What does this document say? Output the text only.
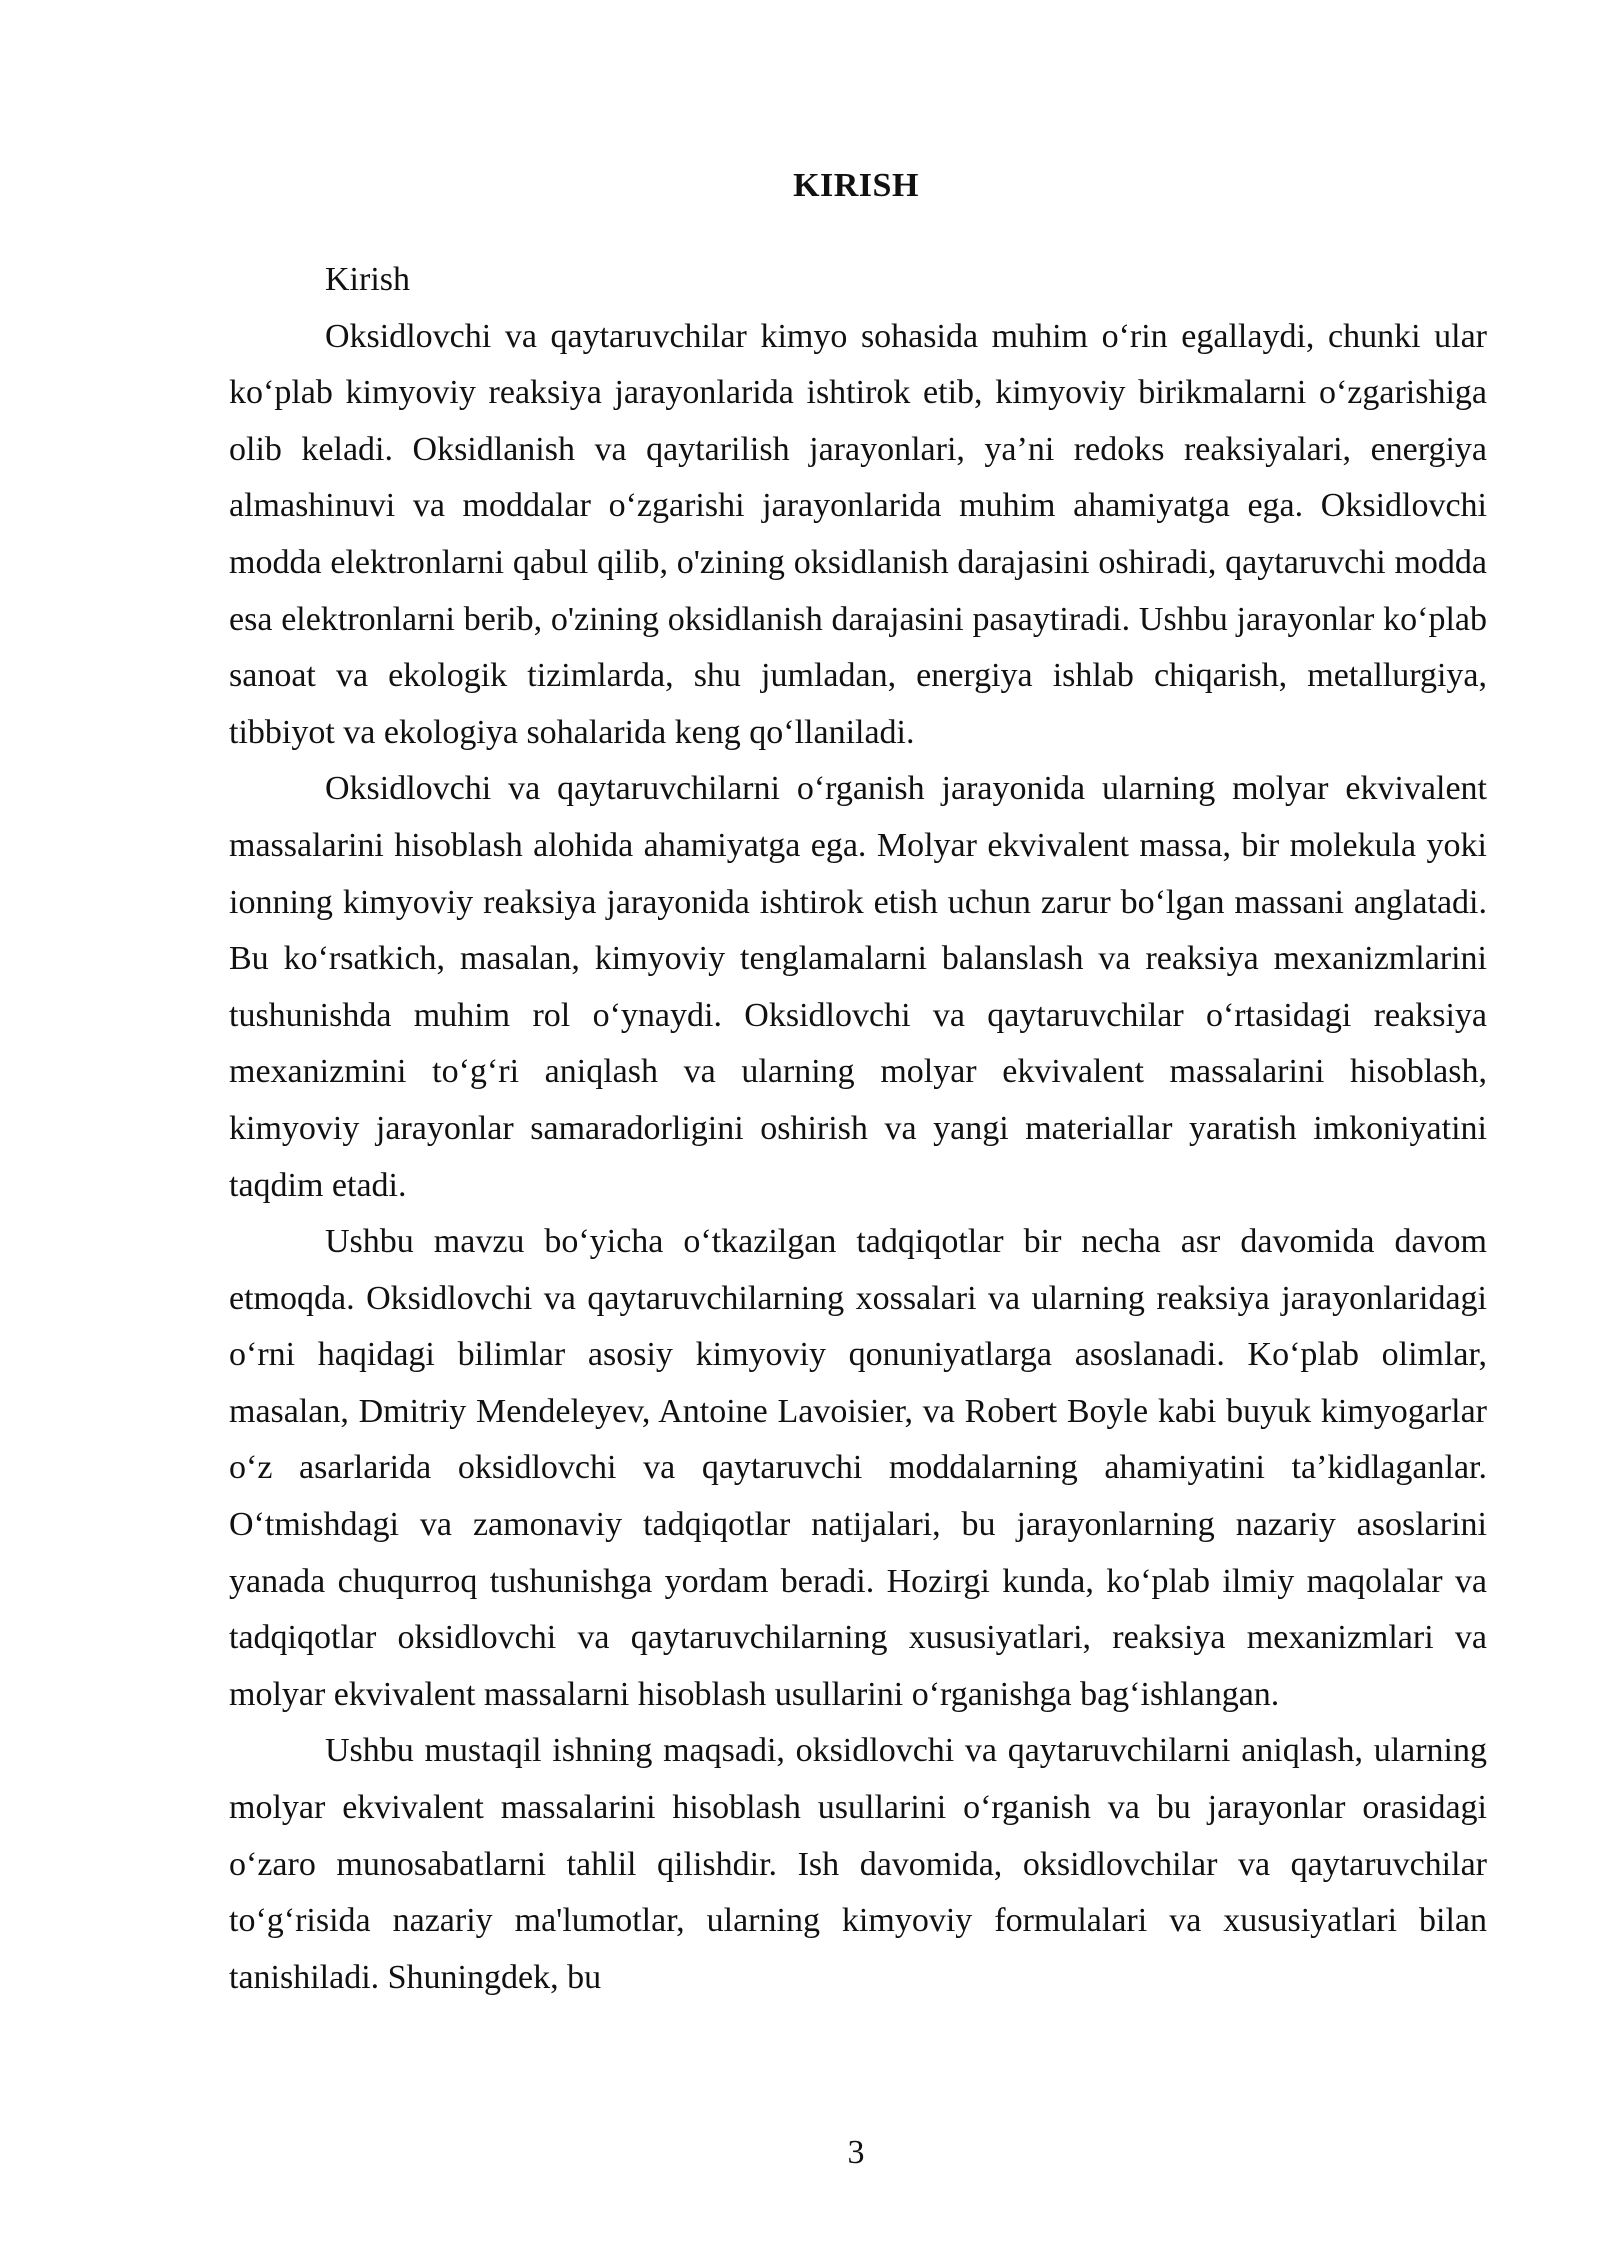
KIRISH

Kirish

Oksidlovchi va qaytaruvchilar kimyo sohasida muhim o‘rin egallaydi, chunki ular ko‘plab kimyoviy reaksiya jarayonlarida ishtirok etib, kimyoviy birikmalarni o‘zgarishiga olib keladi. Oksidlanish va qaytarilish jarayonlari, ya’ni redoks reaksiyalari, energiya almashinuvi va moddalar o‘zgarishi jarayonlarida muhim ahamiyatga ega. Oksidlovchi modda elektronlarni qabul qilib, o'zining oksidlanish darajasini oshiradi, qaytaruvchi modda esa elektronlarni berib, o'zining oksidlanish darajasini pasaytiradi. Ushbu jarayonlar ko‘plab sanoat va ekologik tizimlarda, shu jumladan, energiya ishlab chiqarish, metallurgiya, tibbiyot va ekologiya sohalarida keng qo‘llaniladi.

Oksidlovchi va qaytaruvchilarni o‘rganish jarayonida ularning molyar ekvivalent massalarini hisoblash alohida ahamiyatga ega. Molyar ekvivalent massa, bir molekula yoki ionning kimyoviy reaksiya jarayonida ishtirok etish uchun zarur bo‘lgan massani anglatadi. Bu ko‘rsatkich, masalan, kimyoviy tenglamalarni balanslash va reaksiya mexanizmlarini tushunishda muhim rol o‘ynaydi. Oksidlovchi va qaytaruvchilar o‘rtasidagi reaksiya mexanizmini to‘g‘ri aniqlash va ularning molyar ekvivalent massalarini hisoblash, kimyoviy jarayonlar samaradorligini oshirish va yangi materiallar yaratish imkoniyatini taqdim etadi.

Ushbu mavzu bo‘yicha o‘tkazilgan tadqiqotlar bir necha asr davomida davom etmoqda. Oksidlovchi va qaytaruvchilarning xossalari va ularning reaksiya jarayonlaridagi o‘rni haqidagi bilimlar asosiy kimyoviy qonuniyatlarga asoslanadi. Ko‘plab olimlar, masalan, Dmitriy Mendeleyev, Antoine Lavoisier, va Robert Boyle kabi buyuk kimyogarlar o‘z asarlarida oksidlovchi va qaytaruvchi moddalarning ahamiyatini ta’kidlaganlar. O‘tmishdagi va zamonaviy tadqiqotlar natijalari, bu jarayonlarning nazariy asoslarini yanada chuqurroq tushunishga yordam beradi. Hozirgi kunda, ko‘plab ilmiy maqolalar va tadqiqotlar oksidlovchi va qaytaruvchilarning xususiyatlari, reaksiya mexanizmlari va molyar ekvivalent massalarni hisoblash usullarini o‘rganishga bag‘ishlangan.

Ushbu mustaqil ishning maqsadi, oksidlovchi va qaytaruvchilarni aniqlash, ularning molyar ekvivalent massalarini hisoblash usullarini o‘rganish va bu jarayonlar orasidagi o‘zaro munosabatlarni tahlil qilishdir. Ish davomida, oksidlovchilar va qaytaruvchilar to‘g‘risida nazariy ma'lumotlar, ularning kimyoviy formulalari va xususiyatlari bilan tanishiladi. Shuningdek, bu

3
